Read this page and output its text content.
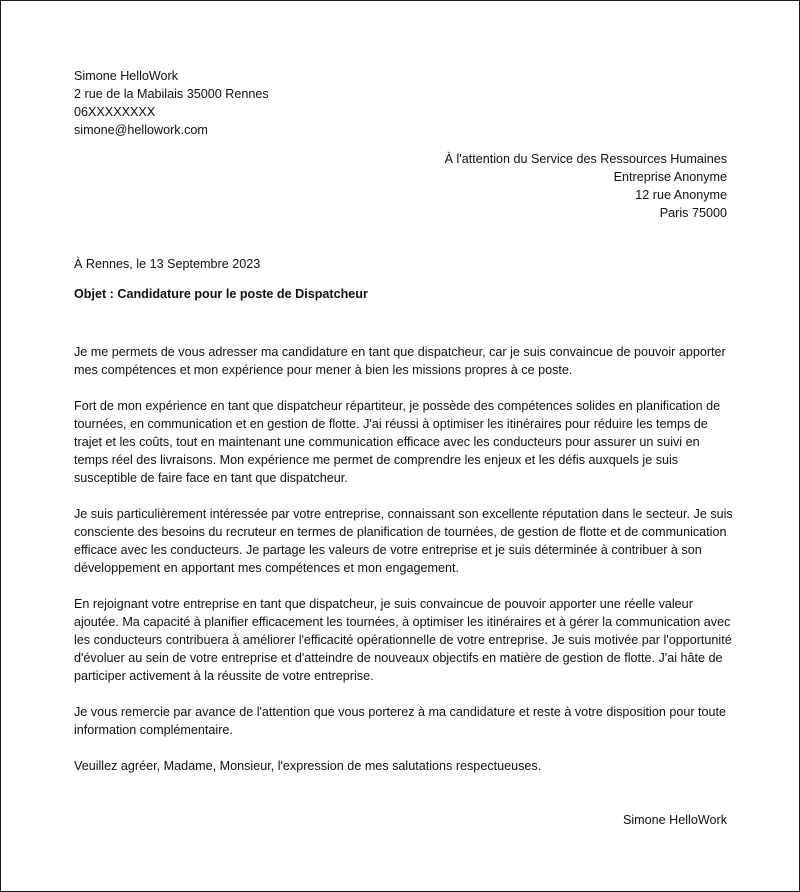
Simone HelloWork
2 rue de la Mabilais 35000 Rennes
06XXXXXXXX
simone@hellowork.com
À l'attention du Service des Ressources Humaines
Entreprise Anonyme
12 rue Anonyme
Paris 75000
À Rennes, le 13 Septembre 2023
Objet : Candidature pour le poste de Dispatcheur

Je me permets de vous adresser ma candidature en tant que dispatcheur, car je suis convaincue de pouvoir apporter mes compétences et mon expérience pour mener à bien les missions propres à ce poste.

Fort de mon expérience en tant que dispatcheur répartiteur, je possède des compétences solides en planification de tournées, en communication et en gestion de flotte. J'ai réussi à optimiser les itinéraires pour réduire les temps de trajet et les coûts, tout en maintenant une communication efficace avec les conducteurs pour assurer un suivi en temps réel des livraisons. Mon expérience me permet de comprendre les enjeux et les défis auxquels je suis susceptible de faire face en tant que dispatcheur.

Je suis particulièrement intéressée par votre entreprise, connaissant son excellente réputation dans le secteur. Je suis consciente des besoins du recruteur en termes de planification de tournées, de gestion de flotte et de communication efficace avec les conducteurs. Je partage les valeurs de votre entreprise et je suis déterminée à contribuer à son développement en apportant mes compétences et mon engagement.

En rejoignant votre entreprise en tant que dispatcheur, je suis convaincue de pouvoir apporter une réelle valeur ajoutée. Ma capacité à planifier efficacement les tournées, à optimiser les itinéraires et à gérer la communication avec les conducteurs contribuera à améliorer l'efficacité opérationnelle de votre entreprise. Je suis motivée par l'opportunité d'évoluer au sein de votre entreprise et d'atteindre de nouveaux objectifs en matière de gestion de flotte. J'ai hâte de participer activement à la réussite de votre entreprise.

Je vous remercie par avance de l'attention que vous porterez à ma candidature et reste à votre disposition pour toute information complémentaire.

Veuillez agréer, Madame, Monsieur, l'expression de mes salutations respectueuses.

Simone HelloWork
